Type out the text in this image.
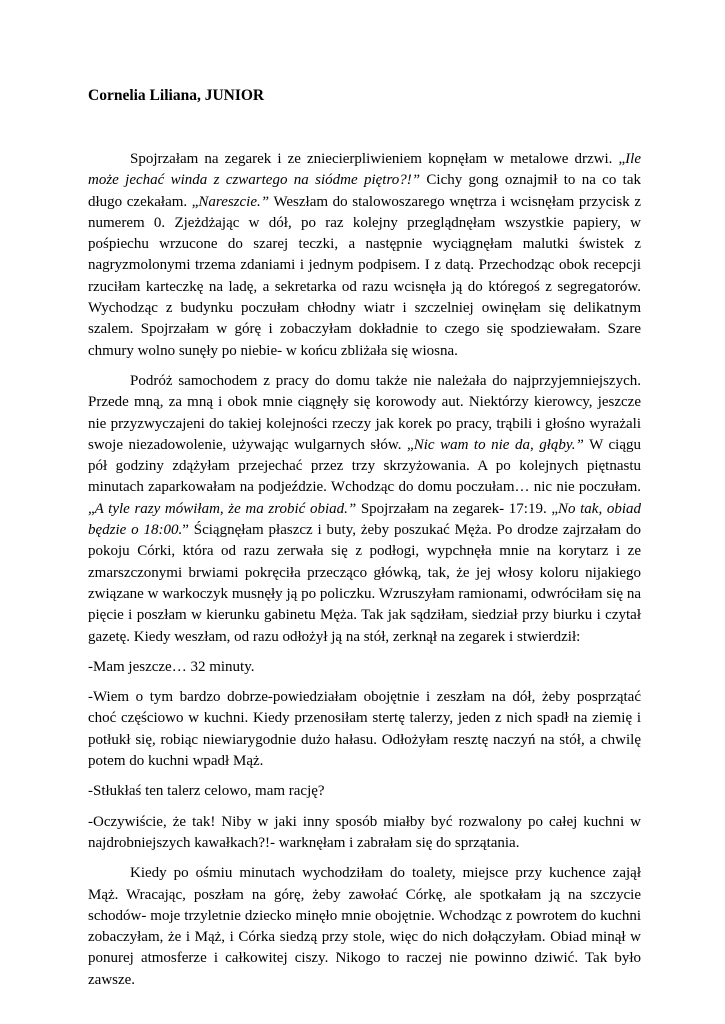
Cornelia Liliana, JUNIOR

Spojrzałam na zegarek i ze zniecierpliwieniem kopnęłam w metalowe drzwi. „Ile może jechać winda z czwartego na siódme piętro?!” Cichy gong oznajmił to na co tak długo czekałam. „Nareszcie.” Weszłam do stalowoszarego wnętrza i wcisnęłam przycisk z numerem 0. Zjeżdżając w dół, po raz kolejny przeglądnęłam wszystkie papiery, w pośpiechu wrzucone do szarej teczki, a następnie wyciągnęłam malutki świstek z nagryzmolonymi trzema zdaniami i jednym podpisem. I z datą. Przechodząc obok recepcji rzuciłam karteczkę na ladę, a sekretarka od razu wcisnęła ją do któregoś z segregatorów. Wychodząc z budynku poczułam chłodny wiatr i szczelniej owinęłam się delikatnym szalem. Spojrzałam w górę i zobaczyłam dokładnie to czego się spodziewałam. Szare chmury wolno sunęły po niebie- w końcu zbliżała się wiosna.

Podróż samochodem z pracy do domu także nie należała do najprzyjemniejszych. Przede mną, za mną i obok mnie ciągnęły się korowody aut. Niektórzy kierowcy, jeszcze nie przyzwyczajeni do takiej kolejności rzeczy jak korek po pracy, trąbili i głośno wyrażali swoje niezadowolenie, używając wulgarnych słów. „Nic wam to nie da, głąby.” W ciągu pół godziny zdążyłam przejechać przez trzy skrzyżowania. A po kolejnych piętnastu minutach zaparkowałam na podjeździe. Wchodząc do domu poczułam… nic nie poczułam. „A tyle razy mówiłam, że ma zrobić obiad.” Spojrzałam na zegarek- 17:19. „No tak, obiad będzie o 18:00.” Ściągnęłam płaszcz i buty, żeby poszukać Męża. Po drodze zajrzałam do pokoju Córki, która od razu zerwała się z podłogi, wypchnęła mnie na korytarz i ze zmarszczonymi brwiami pokręciła przecząco główką, tak, że jej włosy koloru nijakiego związane w warkoczyk musnęły ją po policzku. Wzruszyłam ramionami, odwróciłam się na pięcie i poszłam w kierunku gabinetu Męża. Tak jak sądziłam, siedział przy biurku i czytał gazetę. Kiedy weszłam, od razu odłożył ją na stół, zerknął na zegarek i stwierdził:

-Mam jeszcze… 32 minuty.

-Wiem o tym bardzo dobrze-powiedziałam obojętnie i zeszłam na dół, żeby posprzątać choć częściowo w kuchni. Kiedy przenosiłam stertę talerzy, jeden z nich spadł na ziemię i potłukł się, robiąc niewiarygodnie dużo hałasu. Odłożyłam resztę naczyń na stół, a chwilę potem do kuchni wpadł Mąż.

-Stłukłaś ten talerz celowo, mam rację?

-Oczywiście, że tak! Niby w jaki inny sposób miałby być rozwalony po całej kuchni w najdrobniejszych kawałkach?!- warknęłam i zabrałam się do sprzątania.

Kiedy po ośmiu minutach wychodziłam do toalety, miejsce przy kuchence zajął Mąż. Wracając, poszłam na górę, żeby zawołać Córkę, ale spotkałam ją na szczycie schodów- moje trzyletnie dziecko minęło mnie obojętnie. Wchodząc z powrotem do kuchni zobaczyłam, że i Mąż, i Córka siedzą przy stole, więc do nich dołączyłam. Obiad minął w ponurej atmosferze i całkowitej ciszy. Nikogo to raczej nie powinno dziwić. Tak było zawsze.
